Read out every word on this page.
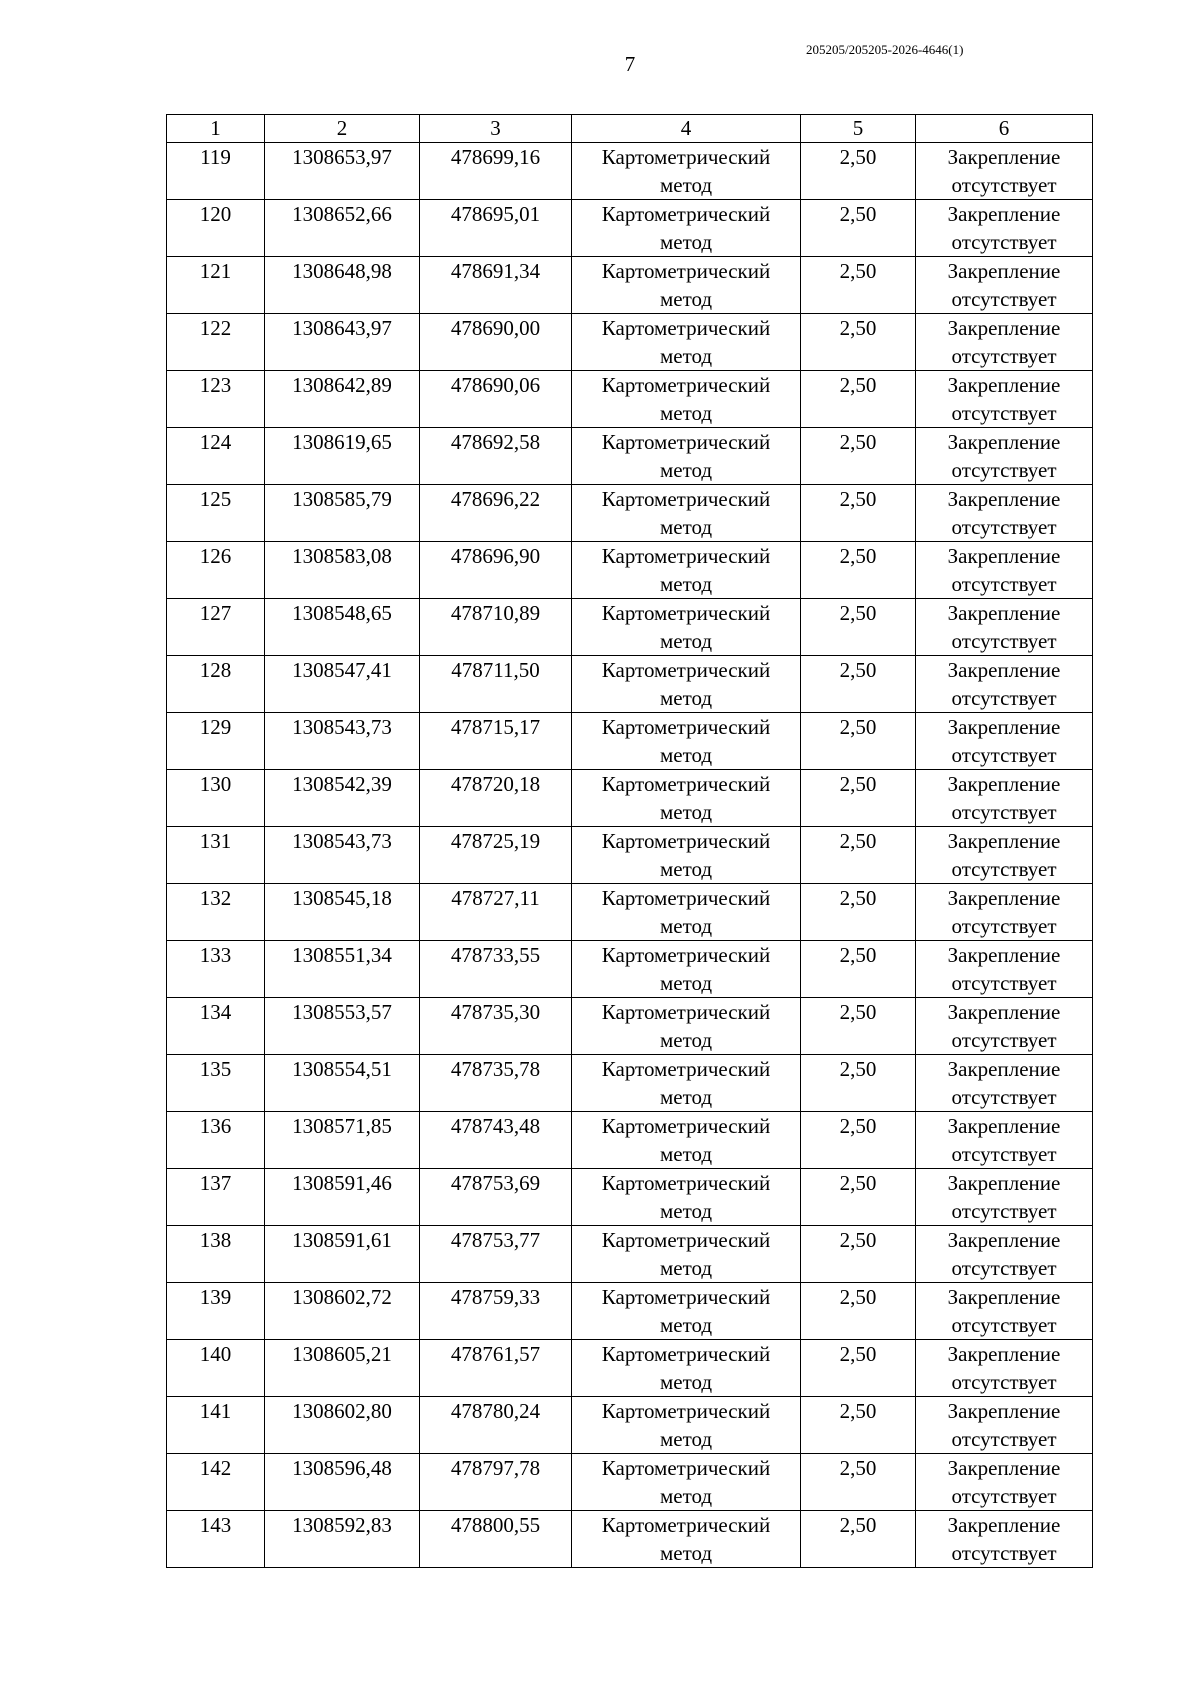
205205/205205-2026-4646(1)
7
1	2	3	4	5	6
119	1308653,97	478699,16	Картометрический
метод	2,50	Закрепление
отсутствует

120	1308652,66	478695,01	Картометрический
метод	2,50	Закрепление
отсутствует

121	1308648,98	478691,34	Картометрический
метод	2,50	Закрепление
отсутствует

122	1308643,97	478690,00	Картометрический
метод	2,50	Закрепление
отсутствует

123	1308642,89	478690,06	Картометрический
метод	2,50	Закрепление
отсутствует

124	1308619,65	478692,58	Картометрический
метод	2,50	Закрепление
отсутствует

125	1308585,79	478696,22	Картометрический
метод	2,50	Закрепление
отсутствует

126	1308583,08	478696,90	Картометрический
метод	2,50	Закрепление
отсутствует

127	1308548,65	478710,89	Картометрический
метод	2,50	Закрепление
отсутствует

128	1308547,41	478711,50	Картометрический
метод	2,50	Закрепление
отсутствует

129	1308543,73	478715,17	Картометрический
метод	2,50	Закрепление
отсутствует

130	1308542,39	478720,18	Картометрический
метод	2,50	Закрепление
отсутствует

131	1308543,73	478725,19	Картометрический
метод	2,50	Закрепление
отсутствует

132	1308545,18	478727,11	Картометрический
метод	2,50	Закрепление
отсутствует

133	1308551,34	478733,55	Картометрический
метод	2,50	Закрепление
отсутствует

134	1308553,57	478735,30	Картометрический
метод	2,50	Закрепление
отсутствует

135	1308554,51	478735,78	Картометрический
метод	2,50	Закрепление
отсутствует

136	1308571,85	478743,48	Картометрический
метод	2,50	Закрепление
отсутствует

137	1308591,46	478753,69	Картометрический
метод	2,50	Закрепление
отсутствует

138	1308591,61	478753,77	Картометрический
метод	2,50	Закрепление
отсутствует

139	1308602,72	478759,33	Картометрический
метод	2,50	Закрепление
отсутствует

140	1308605,21	478761,57	Картометрический
метод	2,50	Закрепление
отсутствует

141	1308602,80	478780,24	Картометрический
метод	2,50	Закрепление
отсутствует

142	1308596,48	478797,78	Картометрический
метод	2,50	Закрепление
отсутствует

143	1308592,83	478800,55	Картометрический
метод	2,50	Закрепление
отсутствует
